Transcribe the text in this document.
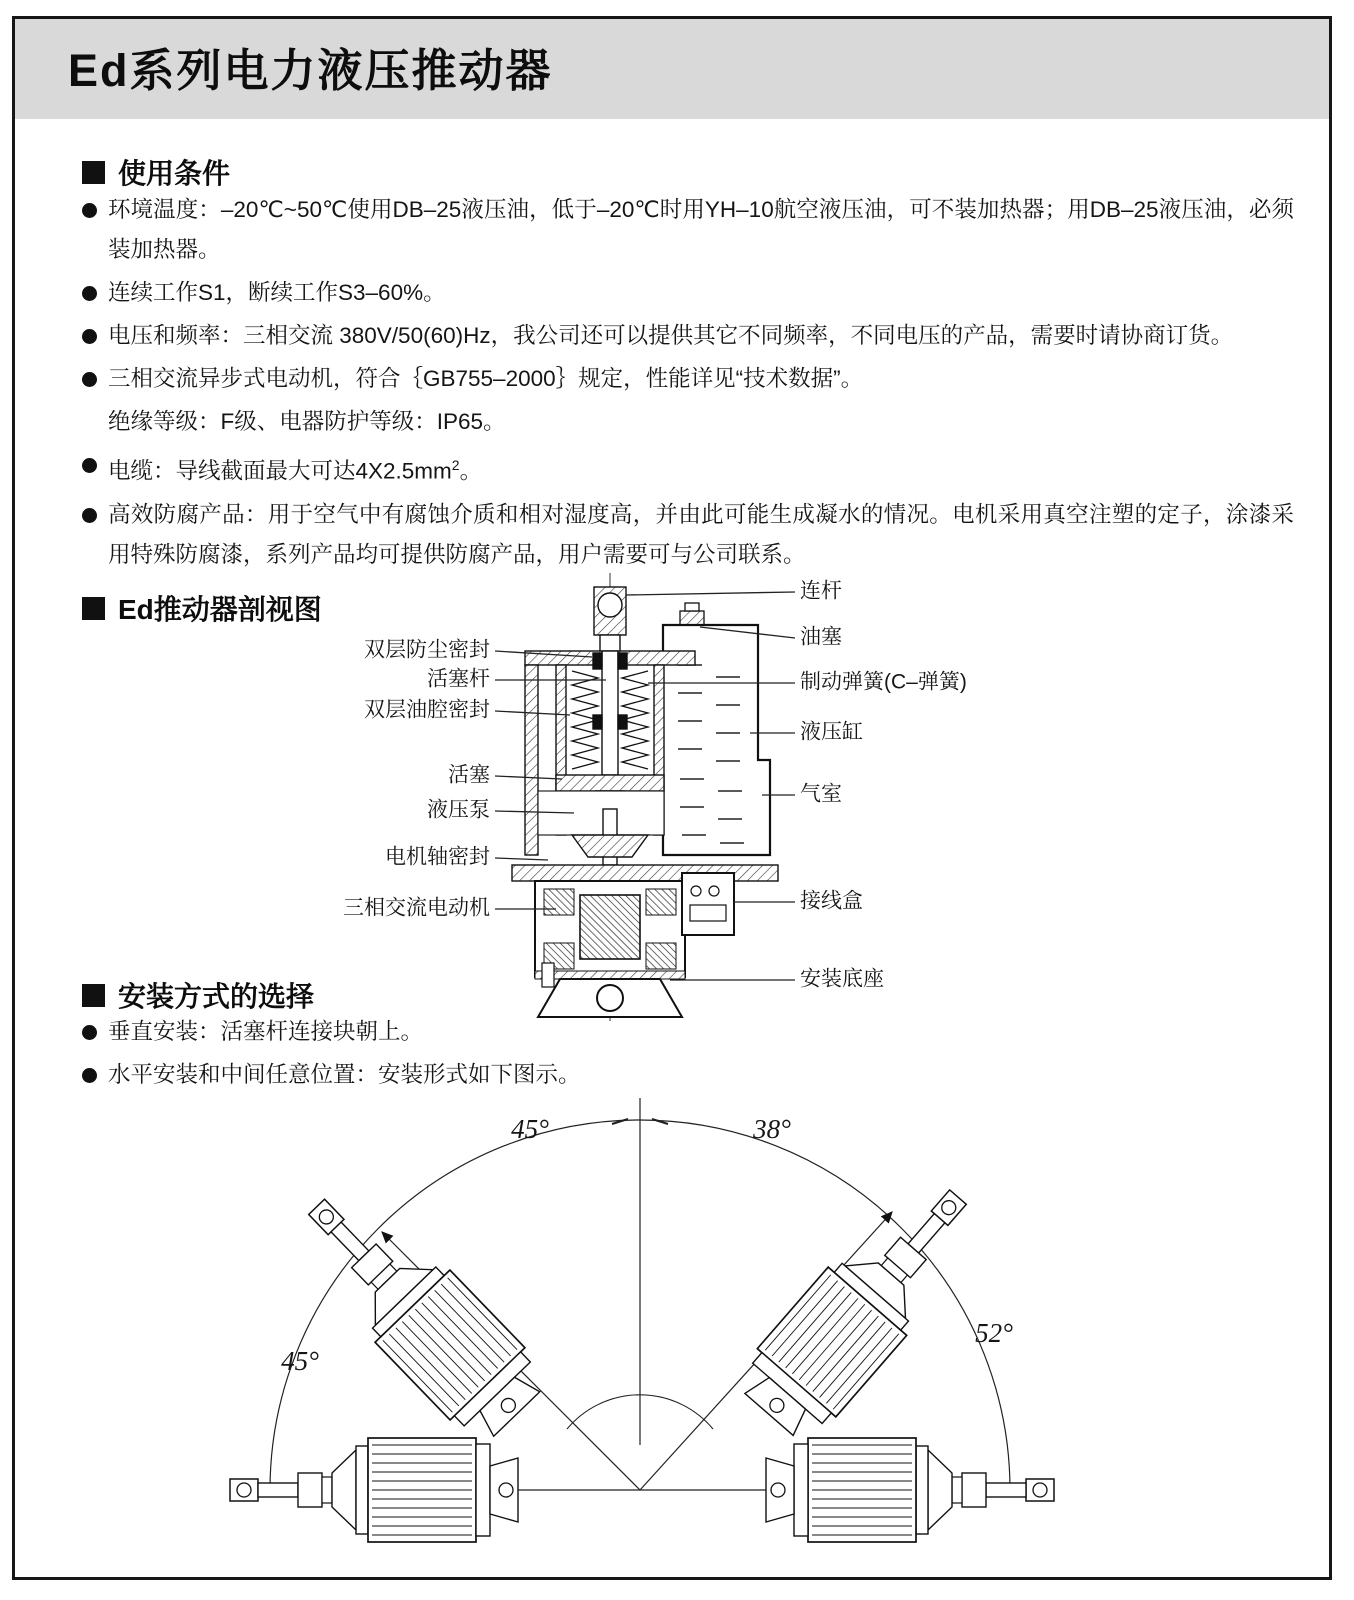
Ed系列电力液压推动器
使用条件
环境温度：–20℃~50℃使用DB–25液压油，低于–20℃时用YH–10航空液压油，可不装加热器；用DB–25液压油，必须装加热器。
连续工作S1，断续工作S3–60%。
电压和频率：三相交流 380V/50(60)Hz，我公司还可以提供其它不同频率，不同电压的产品，需要时请协商订货。
三相交流异步式电动机，符合｛GB755–2000｝规定，性能详见“技术数据”。
绝缘等级：F级、电器防护等级：IP65。
电缆：导线截面最大可达$4X2.5mm^2$。
高效防腐产品：用于空气中有腐蚀介质和相对湿度高，并由此可能生成凝水的情况。电机采用真空注塑的定子，涂漆采用特殊防腐漆，系列产品均可提供防腐产品，用户需要可与公司联系。
Ed推动器剖视图
双层防尘密封
活塞杆
双层油腔密封
活塞
液压泵
电机轴密封
三相交流电动机
连杆
油塞
制动弹簧(C–弹簧)
液压缸
气室
接线盒
安装底座
安装方式的选择
垂直安装：活塞杆连接块朝上。
水平安装和中间任意位置：安装形式如下图示。
45°	38°
45°
52°
